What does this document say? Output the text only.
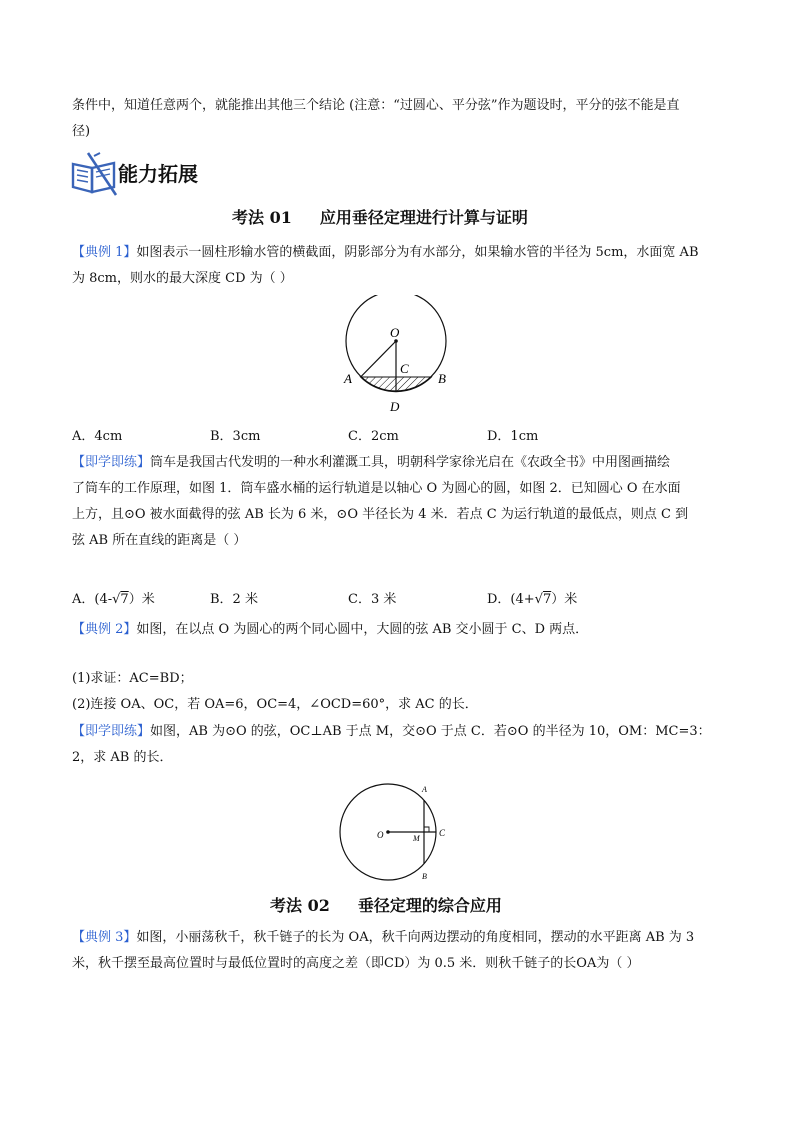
条件中，知道任意两个，就能推出其他三个结论 (注意：“过圆心、平分弦”作为题设时，平分的弦不能是直
径)
能力拓展
考法 01 应用垂径定理进行计算与证明
【典例 1】如图表示一圆柱形输水管的横截面，阴影部分为有水部分，如果输水管的半径为 5cm，水面宽 AB
为 8cm，则水的最大深度 CD 为（ ）
O
C
A	B
D
A．4cm	B．3cm	C．2cm	D．1cm
【即学即练】筒车是我国古代发明的一种水利灌溉工具，明朝科学家徐光启在《农政全书》中用图画描绘
了筒车的工作原理，如图 1．筒车盛水桶的运行轨道是以轴心 O 为圆心的圆，如图 2．已知圆心 O 在水面
上方，且⊙O 被水面截得的弦 AB 长为 6 米，⊙O 半径长为 4 米．若点 C 为运行轨道的最低点，则点 C 到
弦 AB 所在直线的距离是（ ）
A．(4-√7）米	B．2 米	C．3 米	D．(4+√7）米
【典例 2】如图，在以点 O 为圆心的两个同心圆中，大圆的弦 AB 交小圆于 C、D 两点．
(1)求证：AC=BD；
(2)连接 OA、OC，若 OA=6，OC=4，∠OCD=60°，求 AC 的长．
【即学即练】如图，AB 为⊙O 的弦，OC⊥AB 于点 M，交⊙O 于点 C．若⊙O 的半径为 10，OM：MC=3：
2，求 AB 的长．
O
A
B
C
M
考法 02 垂径定理的综合应用
【典例 3】如图，小丽荡秋千，秋千链子的长为 OA，秋千向两边摆动的角度相同，摆动的水平距离 AB 为 3
米，秋千摆至最高位置时与最低位置时的高度之差（即CD）为 0.5 米．则秋千链子的长OA为（ ）
